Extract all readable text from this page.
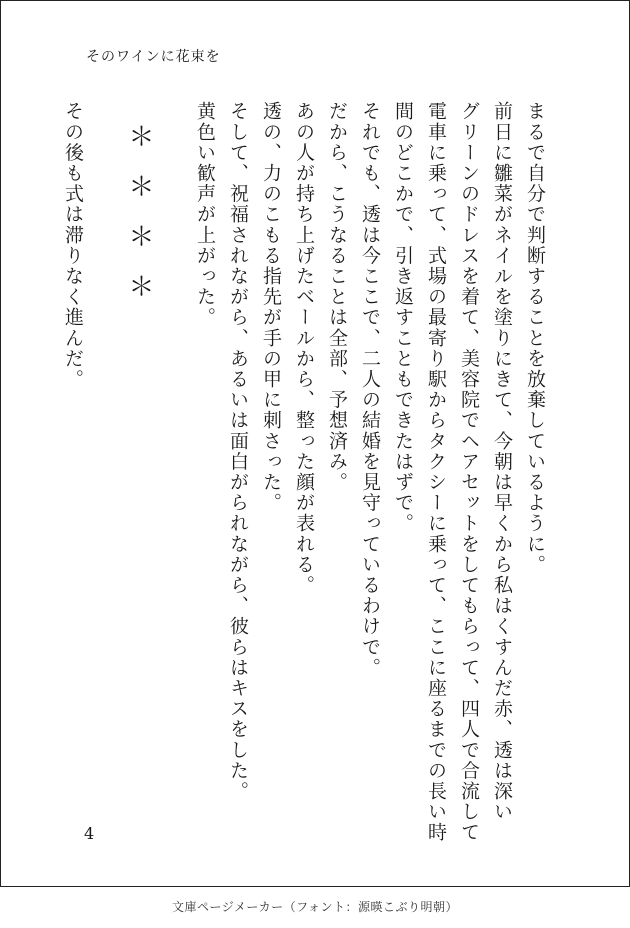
そのワインに花束を
まるで自分で判断することを放棄しているように。
前日に雛菜がネイルを塗りにきて、今朝は早くから私はくすんだ赤、透は深い
グリーンのドレスを着て、美容院でヘアセットをしてもらって、四人で合流して
電車に乗って、式場の最寄り駅からタクシーに乗って、ここに座るまでの長い時
間のどこかで、引き返すこともできたはずで。
それでも、透は今ここで、二人の結婚を見守っているわけで。
だから、こうなることは全部、予想済み。
あの人が持ち上げたベールから、整った顔が表れる。
透の、力のこもる指先が手の甲に刺さった。
そして、祝福されながら、あるいは面白がられながら、彼らはキスをした。
黄色い歓声が上がった。
＊＊＊＊
その後も式は滞りなく進んだ。
4
文庫ページメーカー（フォント：源暎こぶり明朝）
